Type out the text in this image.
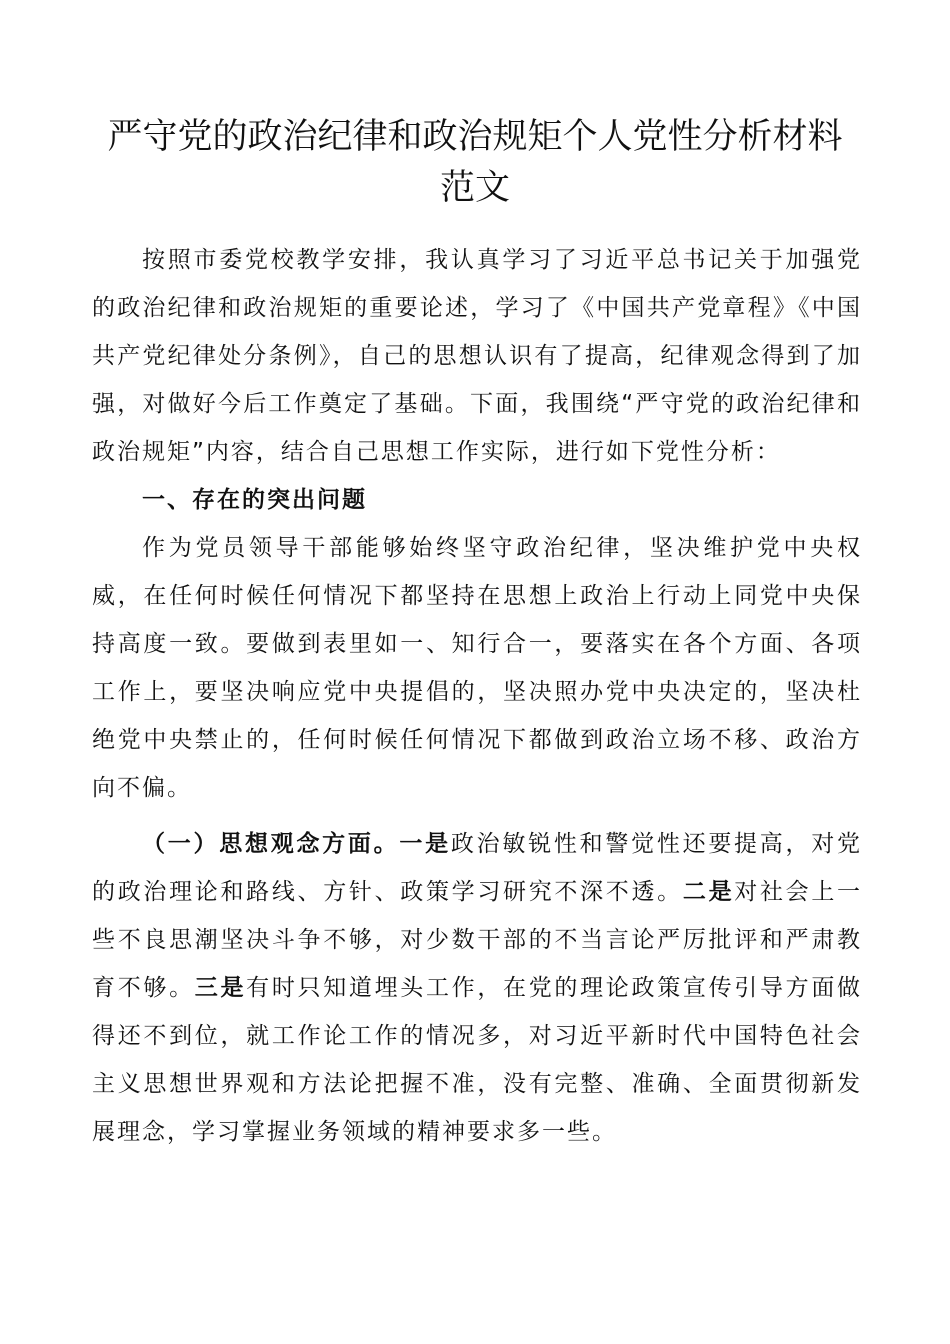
严守党的政治纪律和政治规矩个人党性分析材料
范文

按照市委党校教学安排，我认真学习了习近平总书记关于加强党的政治纪律和政治规矩的重要论述，学习了《中国共产党章程》《中国共产党纪律处分条例》，自己的思想认识有了提高，纪律观念得到了加强，对做好今后工作奠定了基础。下面，我围绕“严守党的政治纪律和政治规矩”内容，结合自己思想工作实际，进行如下党性分析：

一、存在的突出问题

作为党员领导干部能够始终坚守政治纪律，坚决维护党中央权威，在任何时候任何情况下都坚持在思想上政治上行动上同党中央保持高度一致。要做到表里如一、知行合一，要落实在各个方面、各项工作上，要坚决响应党中央提倡的，坚决照办党中央决定的，坚决杜绝党中央禁止的，任何时候任何情况下都做到政治立场不移、政治方向不偏。

（一）思想观念方面。一是政治敏锐性和警觉性还要提高，对党的政治理论和路线、方针、政策学习研究不深不透。二是对社会上一些不良思潮坚决斗争不够，对少数干部的不当言论严厉批评和严肃教育不够。三是有时只知道埋头工作，在党的理论政策宣传引导方面做得还不到位，就工作论工作的情况多，对习近平新时代中国特色社会主义思想世界观和方法论把握不准，没有完整、准确、全面贯彻新发展理念，学习掌握业务领域的精神要求多一些。
